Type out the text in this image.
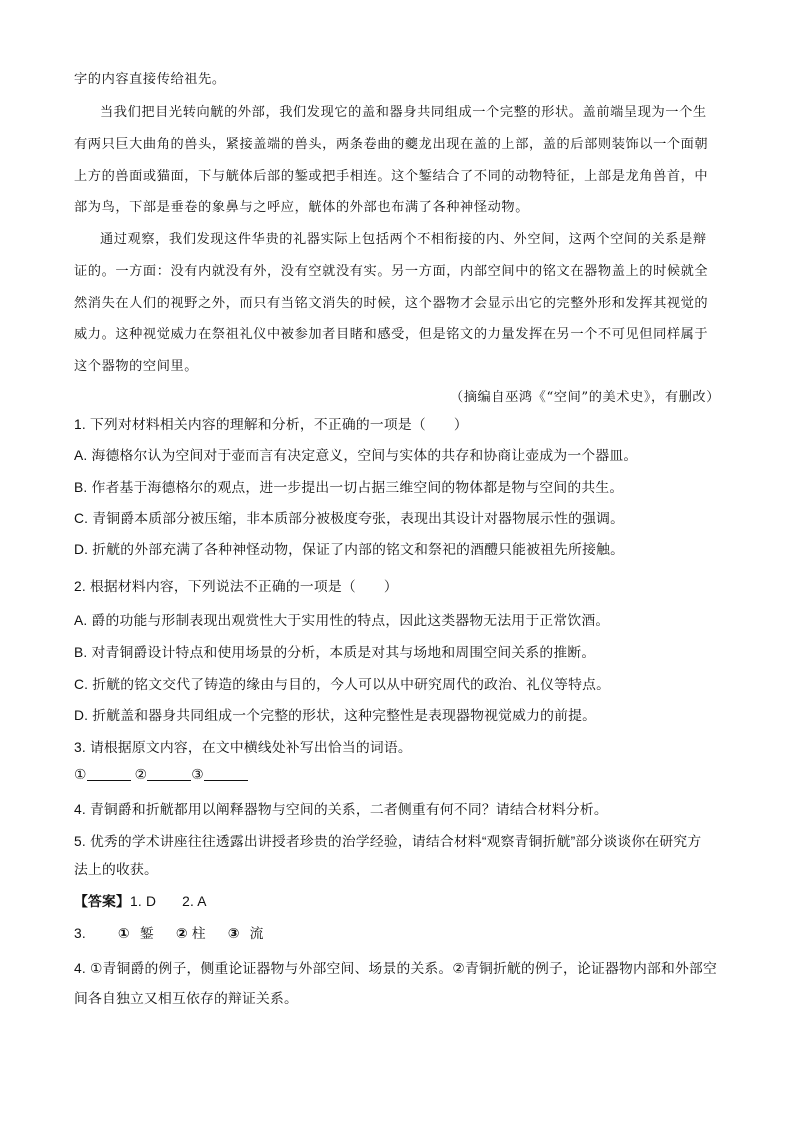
字的内容直接传给祖先。
当我们把目光转向觥的外部，我们发现它的盖和器身共同组成一个完整的形状。盖前端呈现为一个生
有两只巨大曲角的兽头，紧接盖端的兽头，两条卷曲的夔龙出现在盖的上部，盖的后部则装饰以一个面朝
上方的兽面或猫面，下与觥体后部的錾或把手相连。这个錾结合了不同的动物特征，上部是龙角兽首，中
部为鸟，下部是垂卷的象鼻与之呼应，觥体的外部也布满了各种神怪动物。
通过观察，我们发现这件华贵的礼器实际上包括两个不相衔接的内、外空间，这两个空间的关系是辩
证的。一方面：没有内就没有外，没有空就没有实。另一方面，内部空间中的铭文在器物盖上的时候就全
然消失在人们的视野之外，而只有当铭文消失的时候，这个器物才会显示出它的完整外形和发挥其视觉的
威力。这种视觉威力在祭祖礼仪中被参加者目睹和感受，但是铭文的力量发挥在另一个不可见但同样属于
这个器物的空间里。
（摘编自巫鸿《“空间”的美术史》，有删改）
1. 下列对材料相关内容的理解和分析，不正确的一项是（　　）
A. 海德格尔认为空间对于壶而言有决定意义，空间与实体的共存和协商让壶成为一个器皿。
B. 作者基于海德格尔的观点，进一步提出一切占据三维空间的物体都是物与空间的共生。
C. 青铜爵本质部分被压缩，非本质部分被极度夸张，表现出其设计对器物展示性的强调。
D. 折觥的外部充满了各种神怪动物，保证了内部的铭文和祭祀的酒醴只能被祖先所接触。
2. 根据材料内容，下列说法不正确的一项是（　　）
A. 爵的功能与形制表现出观赏性大于实用性的特点，因此这类器物无法用于正常饮酒。
B. 对青铜爵设计特点和使用场景的分析，本质是对其与场地和周围空间关系的推断。
C. 折觥的铭文交代了铸造的缘由与目的，今人可以从中研究周代的政治、礼仪等特点。
D. 折觥盖和器身共同组成一个完整的形状，这种完整性是表现器物视觉威力的前提。
3. 请根据原文内容，在文中横线处补写出恰当的词语。
①	②	③
4. 青铜爵和折觥都用以阐释器物与空间的关系，二者侧重有何不同？请结合材料分析。
5. 优秀的学术讲座往往透露出讲授者珍贵的治学经验，请结合材料“观察青铜折觥”部分谈谈你在研究方
法上的收获。
【答案】1. D 2. A
3. ① 錾 ② 柱 ③ 流
4. ①青铜爵的例子，侧重论证器物与外部空间、场景的关系。②青铜折觥的例子，论证器物内部和外部空
间各自独立又相互依存的辩证关系。
